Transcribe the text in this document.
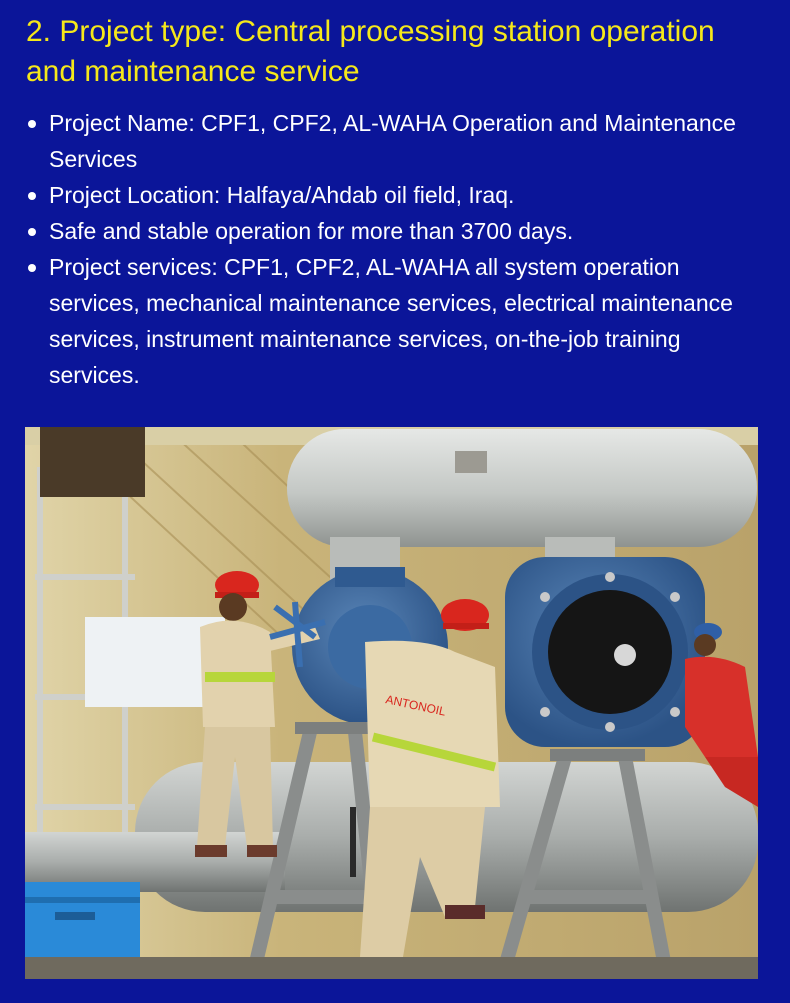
2. Project type: Central processing station operation and maintenance service
Project Name: CPF1, CPF2, AL-WAHA Operation and Maintenance Services
Project Location: Halfaya/Ahdab oil field, Iraq.
Safe and stable operation for more than 3700 days.
Project services: CPF1, CPF2, AL-WAHA all system operation services, mechanical maintenance services, electrical maintenance services, instrument maintenance services, on-the-job training services.
ANTONOIL
